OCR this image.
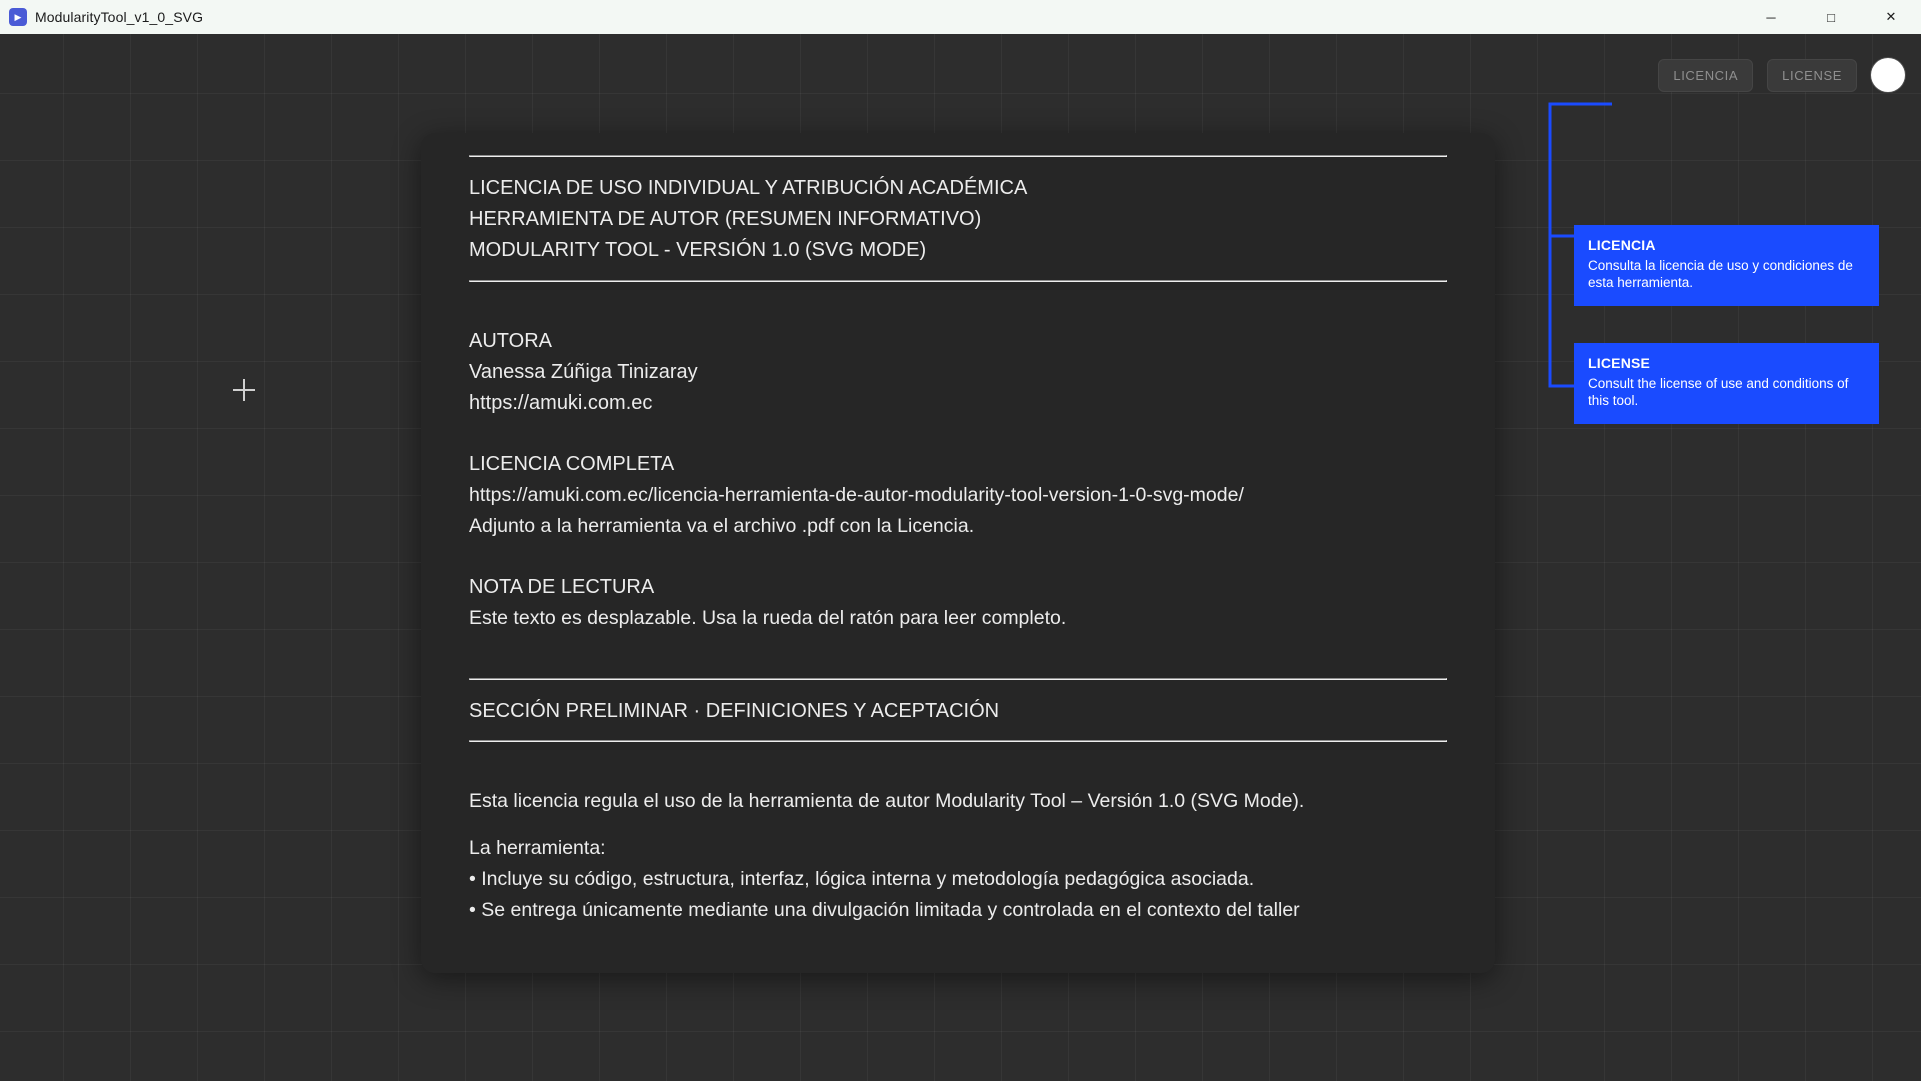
▶ ModularityTool_v1_0_SVG	─	□	✕
LICENCIA	LICENSE
LICENCIA
Consulta la licencia de uso y condiciones de esta herramienta.
LICENSE
Consult the license of use and conditions of this tool.
LICENCIA DE USO INDIVIDUAL Y ATRIBUCIÓN ACADÉMICA
HERRAMIENTA DE AUTOR (RESUMEN INFORMATIVO)
MODULARITY TOOL - VERSIÓN 1.0 (SVG MODE)
AUTORA
Vanessa Zúñiga Tinizaray
https://amuki.com.ec
LICENCIA COMPLETA
https://amuki.com.ec/licencia-herramienta-de-autor-modularity-tool-version-1-0-svg-mode/
Adjunto a la herramienta va el archivo .pdf con la Licencia.
NOTA DE LECTURA
Este texto es desplazable. Usa la rueda del ratón para leer completo.
SECCIÓN PRELIMINAR · DEFINICIONES Y ACEPTACIÓN
Esta licencia regula el uso de la herramienta de autor Modularity Tool – Versión 1.0 (SVG Mode).
La herramienta:
• Incluye su código, estructura, interfaz, lógica interna y metodología pedagógica asociada.
• Se entrega únicamente mediante una divulgación limitada y controlada en el contexto del taller
